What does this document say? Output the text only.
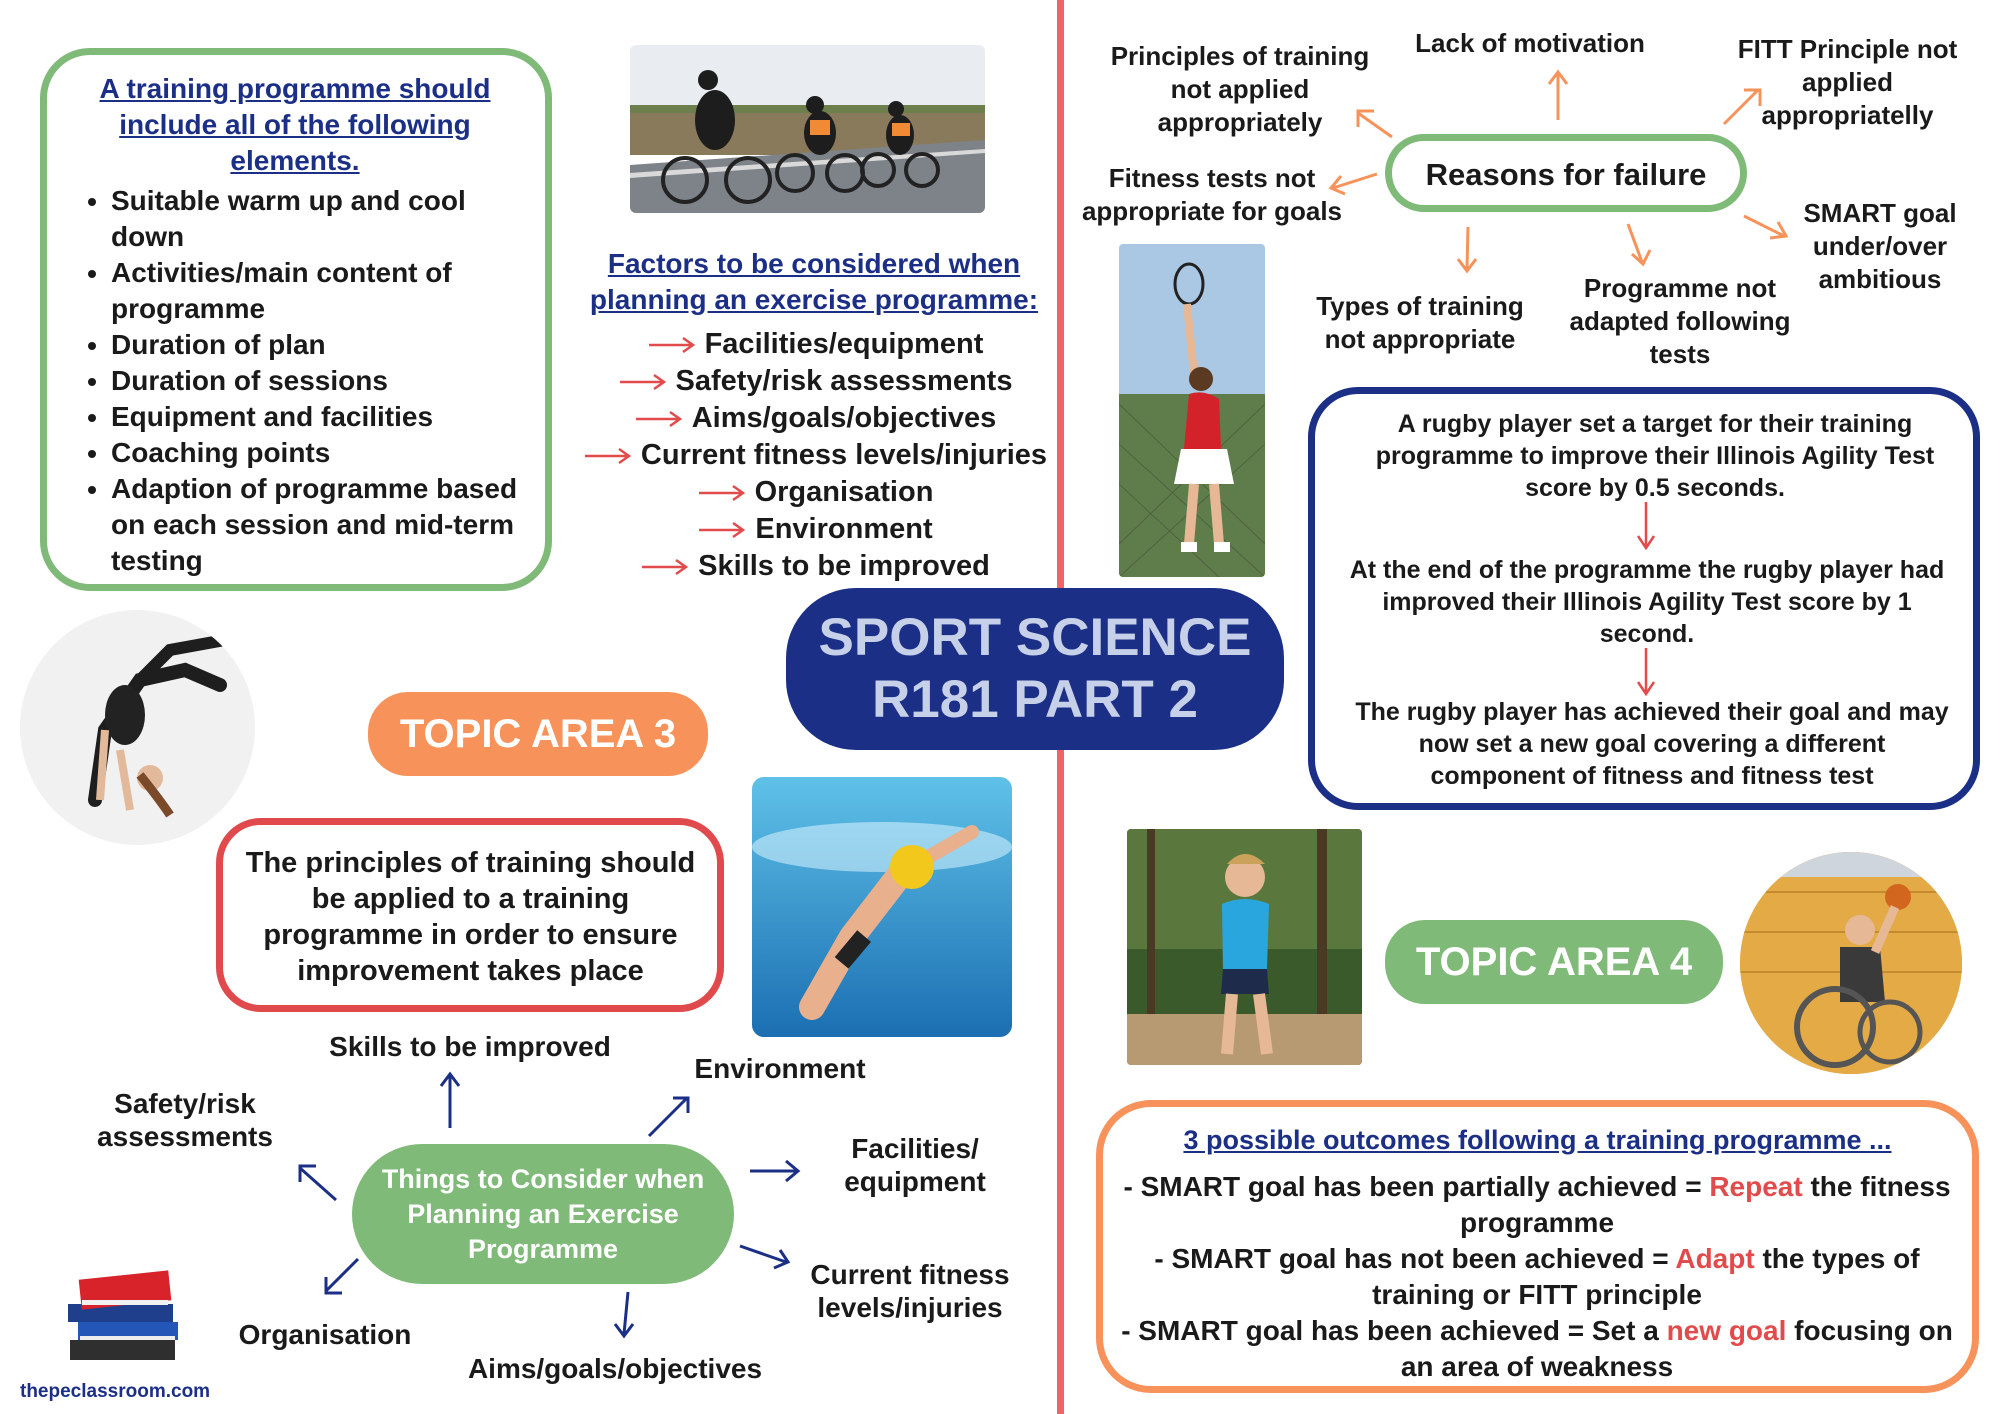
A training programme should include all of the following elements.
• Suitable warm up and cool down
• Activities/main content of programme
• Duration of plan
• Duration of sessions
• Equipment and facilities
• Coaching points
• Adaption of programme based on each session and mid-term testing
Factors to be considered when planning an exercise programme:
Facilities/equipment
Safety/risk assessments
Aims/goals/objectives
Current fitness levels/injuries
Organisation
Environment
Skills to be improved
TOPIC AREA 3
The principles of training should be applied to a training programme in order to ensure improvement takes place
Things to Consider when Planning an Exercise Programme
Skills to be improved
Environment
Safety/risk assessments	Facilities/ equipment
Current fitness levels/injuries
Organisation
Aims/goals/objectives
thepeclassroom.com
SPORT SCIENCE
R181 PART 2
Reasons for failure
Principles of training not applied appropriately
Lack of motivation	FITT Principle not applied appropriatelly
Fitness tests not appropriate for goals	SMART goal under/over ambitious
Types of training not appropriate
Programme not adapted following tests
A rugby player set a target for their training programme to improve their Illinois Agility Test score by 0.5 seconds.
At the end of the programme the rugby player had improved their Illinois Agility Test score by 1 second.
The rugby player has achieved their goal and may now set a new goal covering a different component of fitness and fitness test
TOPIC AREA 4
3 possible outcomes following a training programme ...
- SMART goal has been partially achieved = Repeat the fitness programme
- SMART goal has not been achieved = Adapt the types of training or FITT principle
- SMART goal has been achieved = Set a new goal focusing on an area of weakness
